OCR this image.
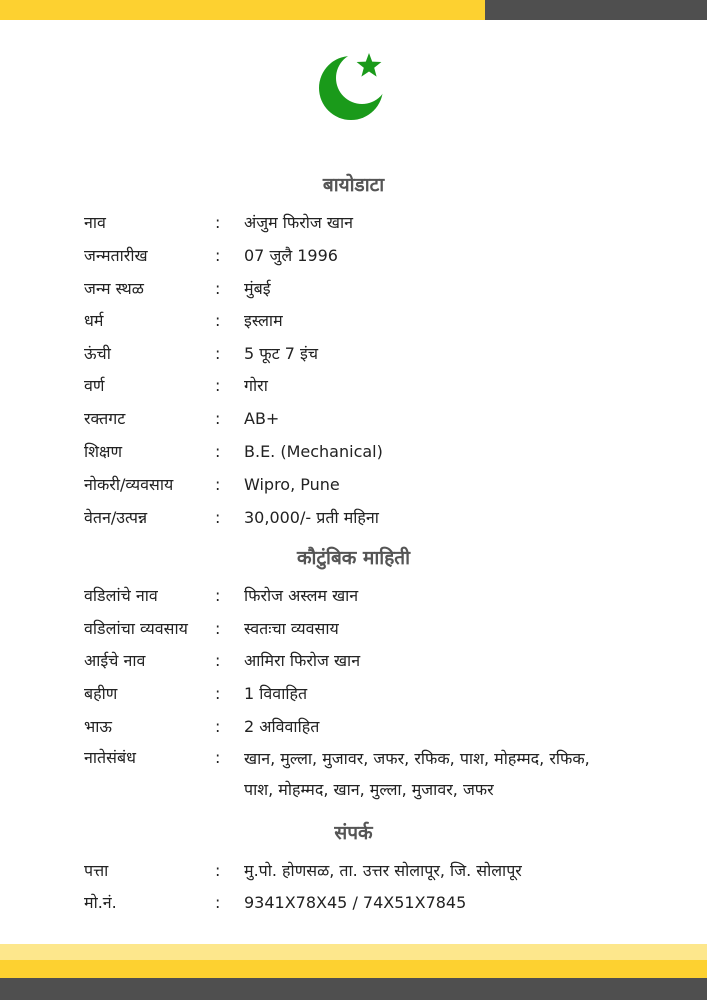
बायोडाटा
नाव	: अंजुम फिरोज खान
जन्मतारीख	: 07 जुलै 1996
जन्म स्थळ	: मुंबई
धर्म	: इस्लाम
ऊंची	: 5 फूट 7 इंच
वर्ण	: गोरा
रक्तगट	: AB+
शिक्षण	: B.E. (Mechanical)
नोकरी/व्यवसाय	: Wipro, Pune
वेतन/उत्पन्न	: 30,000/- प्रती महिना
कौटुंबिक माहिती
वडिलांचे नाव	: फिरोज अस्लम खान
वडिलांचा व्यवसाय : स्वतःचा व्यवसाय
आईचे नाव	: आमिरा फिरोज खान
बहीण	: 1 विवाहित
भाऊ	: 2 अविवाहित
नातेसंबंध	: खान, मुल्ला, मुजावर, जफर, रफिक, पाश, मोहम्मद, रफिक, पाश, मोहम्मद, खान, मुल्ला, मुजावर, जफर
संपर्क
पत्ता	: मु.पो. होणसळ, ता. उत्तर सोलापूर, जि. सोलापूर
मो.नं.	: 9341X78X45 / 74X51X7845
